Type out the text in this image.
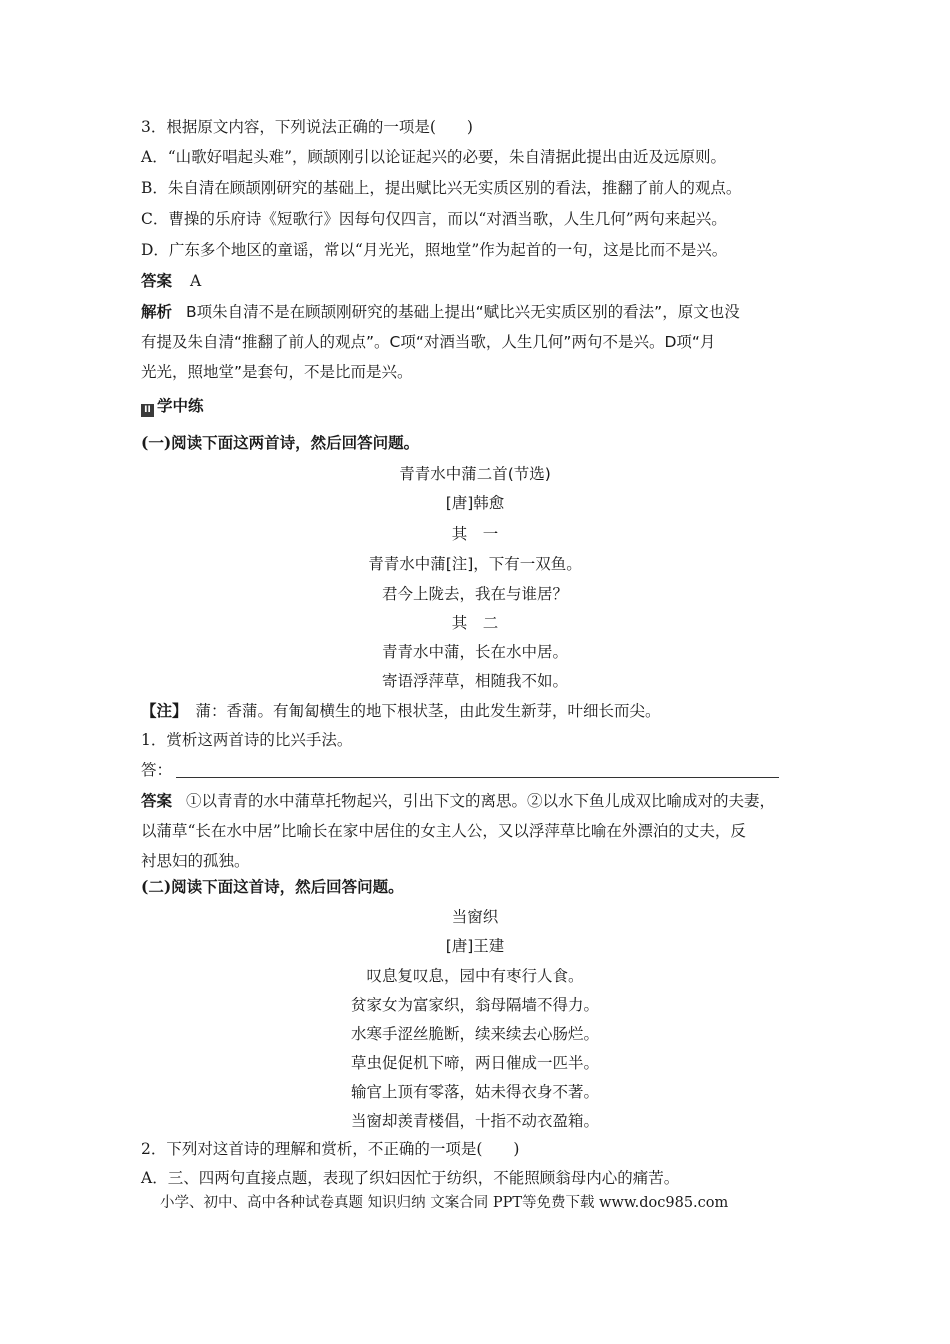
3．根据原文内容，下列说法正确的一项是(　　)
A．“山歌好唱起头难”，顾颉刚引以论证起兴的必要，朱自清据此提出由近及远原则。
B．朱自清在顾颉刚研究的基础上，提出赋比兴无实质区别的看法，推翻了前人的观点。
C．曹操的乐府诗《短歌行》因每句仅四言，而以“对酒当歌，人生几何”两句来起兴。
D．广东多个地区的童谣，常以“月光光，照地堂”作为起首的一句，这是比而不是兴。
答案 A
解析 B项朱自清不是在顾颉刚研究的基础上提出“赋比兴无实质区别的看法”，原文也没
有提及朱自清“推翻了前人的观点”。C项“对酒当歌，人生几何”两句不是兴。D项“月
光光，照地堂”是套句，不是比而是兴。
II 学中练
(一)阅读下面这两首诗，然后回答问题。
青青水中蒲二首(节选)
[唐]韩愈
其　一
青青水中蒲[注]，下有一双鱼。
君今上陇去，我在与谁居？
其　二
青青水中蒲，长在水中居。
寄语浮萍草，相随我不如。
【注】 蒲：香蒲。有匍匐横生的地下根状茎，由此发生新芽，叶细长而尖。
1．赏析这两首诗的比兴手法。
答：
答案 ①以青青的水中蒲草托物起兴，引出下文的离思。②以水下鱼儿成双比喻成对的夫妻，
以蒲草“长在水中居”比喻长在家中居住的女主人公，又以浮萍草比喻在外漂泊的丈夫，反
衬思妇的孤独。
(二)阅读下面这首诗，然后回答问题。
当窗织
[唐]王建
叹息复叹息，园中有枣行人食。
贫家女为富家织，翁母隔墙不得力。
水寒手涩丝脆断，续来续去心肠烂。
草虫促促机下啼，两日催成一匹半。
输官上顶有零落，姑未得衣身不著。
当窗却羡青楼倡，十指不动衣盈箱。
2．下列对这首诗的理解和赏析，不正确的一项是(　　)
A．三、四两句直接点题，表现了织妇因忙于纺织，不能照顾翁母内心的痛苦。
小学、初中、高中各种试卷真题 知识归纳 文案合同 PPT等免费下载 www.doc985.com
